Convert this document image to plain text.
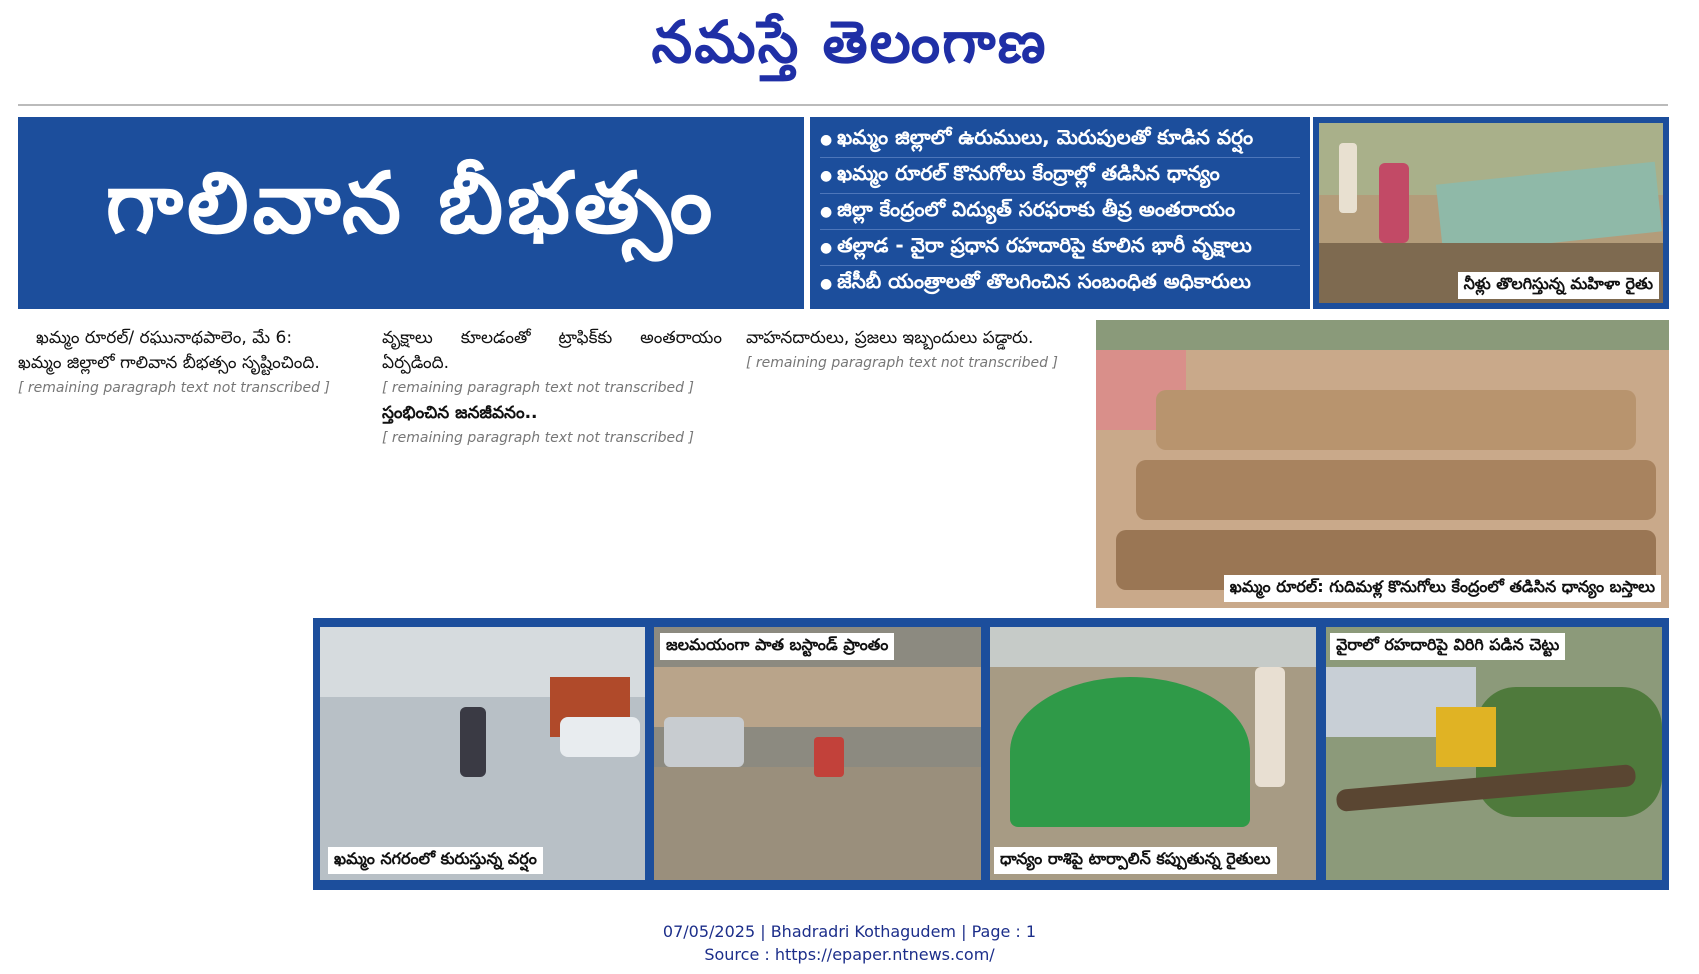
నమస్తే తెలంగాణ
గాలివాన బీభత్సం
● ఖమ్మం జిల్లాలో ఉరుములు, మెరుపులతో కూడిన వర్షం
● ఖమ్మం రూరల్ కొనుగోలు కేంద్రాల్లో తడిసిన ధాన్యం
● జిల్లా కేంద్రంలో విద్యుత్ సరఫరాకు తీవ్ర అంతరాయం
● తల్లాడ - వైరా ప్రధాన రహదారిపై కూలిన భారీ వృక్షాలు
● జేసీబీ యంత్రాలతో తొలగించిన సంబంధిత అధికారులు	నీళ్లు తొలగిస్తున్న మహిళా రైతు
ఖమ్మం రూరల్/ రఘునాథపాలెం, మే 6:
ఖమ్మం జిల్లాలో గాలివాన బీభత్సం సృష్టించింది.
[ remaining paragraph text not transcribed ]
వృక్షాలు కూలడంతో ట్రాఫిక్‌కు అంతరాయం ఏర్పడింది.
[ remaining paragraph text not transcribed ]
స్తంభించిన జనజీవనం..
[ remaining paragraph text not transcribed ]
వాహనదారులు, ప్రజలు ఇబ్బందులు పడ్డారు.
[ remaining paragraph text not transcribed ]
ఖమ్మం రూరల్: గుదిమళ్ల కొనుగోలు కేంద్రంలో తడిసిన ధాన్యం బస్తాలు
ఖమ్మం నగరంలో కురుస్తున్న వర్షం
జలమయంగా పాత బస్టాండ్ ప్రాంతం
ధాన్యం రాశిపై టార్పాలిన్ కప్పుతున్న రైతులు
వైరాలో రహదారిపై విరిగి పడిన చెట్టు
07/05/2025 | Bhadradri Kothagudem | Page : 1
Source : https://epaper.ntnews.com/
